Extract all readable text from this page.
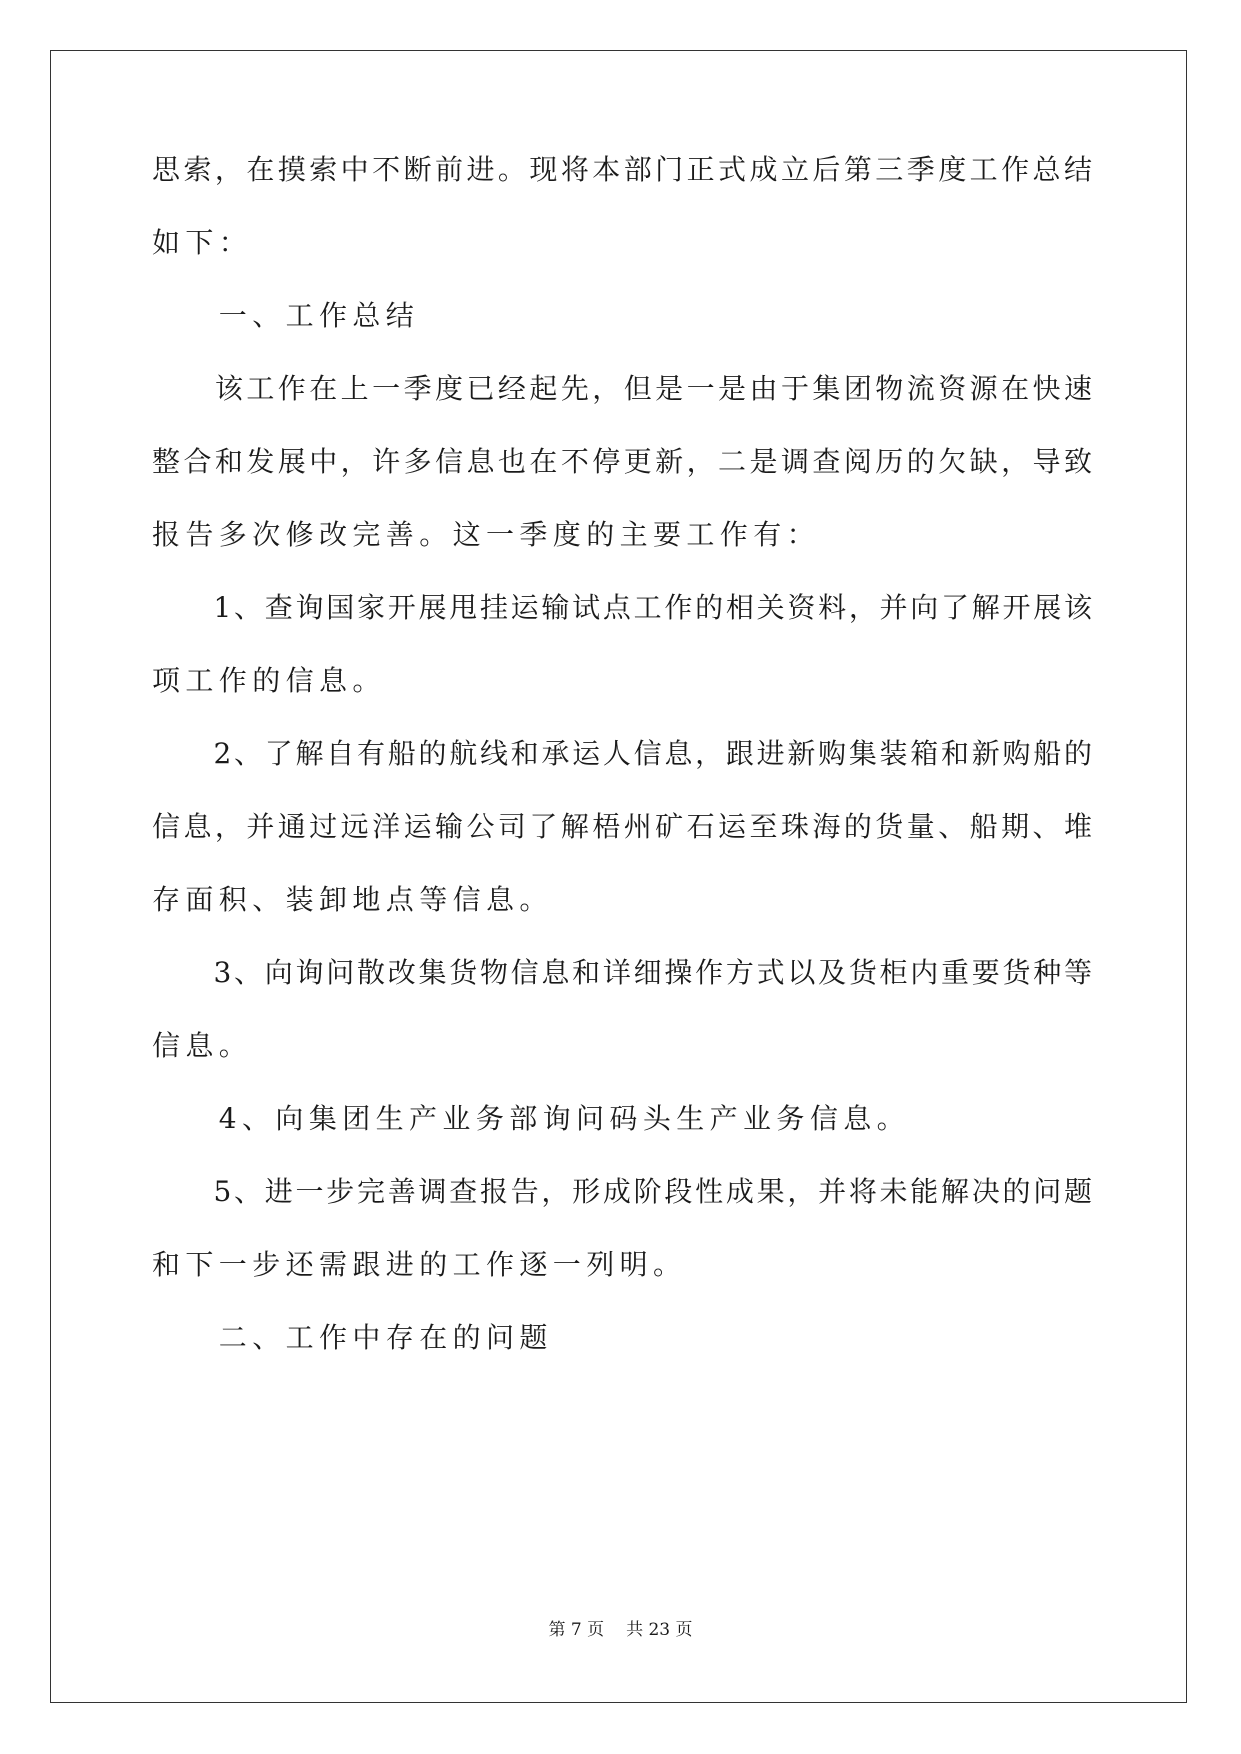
思索，在摸索中不断前进。现将本部门正式成立后第三季度工作总结
如下：
　　一、工作总结
　　该工作在上一季度已经起先，但是一是由于集团物流资源在快速
整合和发展中，许多信息也在不停更新，二是调查阅历的欠缺，导致
报告多次修改完善。这一季度的主要工作有：
　　1、查询国家开展甩挂运输试点工作的相关资料，并向了解开展该
项工作的信息。
　　2、了解自有船的航线和承运人信息，跟进新购集装箱和新购船的
信息，并通过远洋运输公司了解梧州矿石运至珠海的货量、船期、堆
存面积、装卸地点等信息。
　　3、向询问散改集货物信息和详细操作方式以及货柜内重要货种等
信息。
　　4、向集团生产业务部询问码头生产业务信息。
　　5、进一步完善调查报告，形成阶段性成果，并将未能解决的问题
和下一步还需跟进的工作逐一列明。
　　二、工作中存在的问题
第 7 页 共 23 页
